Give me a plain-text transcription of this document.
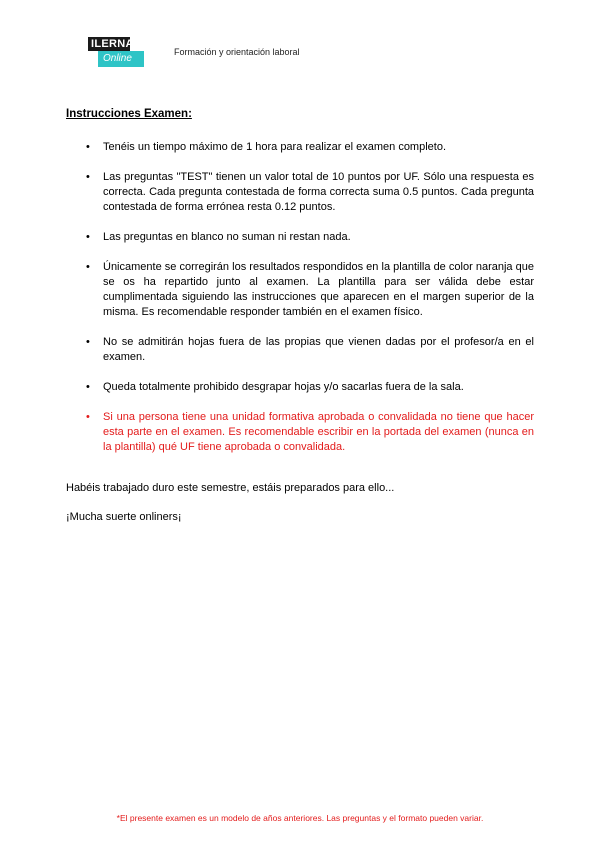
ILERNA
Online
Formación y orientación laboral
Instrucciones Examen:
• Tenéis un tiempo máximo de 1 hora para realizar el examen completo.
• Las preguntas "TEST" tienen un valor total de 10 puntos por UF. Sólo una respuesta es correcta. Cada pregunta contestada de forma correcta suma 0.5 puntos. Cada pregunta contestada de forma errónea resta 0.12 puntos.
• Las preguntas en blanco no suman ni restan nada.
• Únicamente se corregirán los resultados respondidos en la plantilla de color naranja que se os ha repartido junto al examen. La plantilla para ser válida debe estar cumplimentada siguiendo las instrucciones que aparecen en el margen superior de la misma. Es recomendable responder también en el examen físico.
• No se admitirán hojas fuera de las propias que vienen dadas por el profesor/a en el examen.
• Queda totalmente prohibido desgrapar hojas y/o sacarlas fuera de la sala.
• Si una persona tiene una unidad formativa aprobada o convalidada no tiene que hacer esta parte en el examen. Es recomendable escribir en la portada del examen (nunca en la plantilla) qué UF tiene aprobada o convalidada.
Habéis trabajado duro este semestre, estáis preparados para ello...
¡Mucha suerte onliners¡
*El presente examen es un modelo de años anteriores. Las preguntas y el formato pueden variar.
